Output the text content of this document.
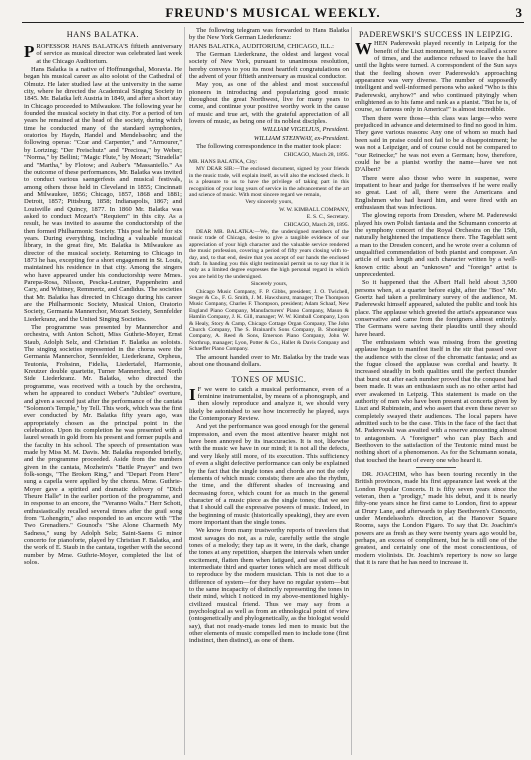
FREUND'S MUSICAL WEEKLY.	3
HANS BALATKA.

PROFESSOR HANS BALATKA'S fiftieth anniversary of service as musical director was celebrated last week at the Chicago Auditorium.

Hans Balatka is a native of Hoffnungsthal, Moravia. He began his musical career as alto soloist of the Cathedral of Olmutz. He later studied law at the university in the same city, where he directed the Academical Singing Society in 1845. Mr. Balatka left Austria in 1849, and after a short stay in Chicago proceeded to Milwaukee. The following year he founded the musical society in that city. For a period of ten years he remained at the head of the society, during which time he conducted many of the standard symphonies, oratorios by Haydn, Handel and Mendelssohn; and the following operas: "Czar and Carpenter," and "Armourer," by Lortzing; "Der Freischutz" and "Preciosa," by Weber; "Norma," by Bellini; "Magic Flute," by Mozart; "Stradella" and "Martha," by Flotow; and Auber's "Massaniello." As the outcome of these performances, Mr. Balatka was invited to conduct various saengerfests and musical festivals, among others those held in Cleveland in 1855; Cincinnati and Milwaukee, 1856; Chicago, 1857, 1868 and 1881; Detroit, 1857; Pittsburg, 1858; Indianapolis, 1867; and Louisville and Quincy, 1877. In 1860 Mr. Balatka was asked to conduct Mozart's "Requiem" in this city. As a result, he was invited to assume the conductorship of the then formed Philharmonic Society. This post he held for six years. During everything, including a valuable musical library, in the great fire, Mr. Balatka is Milwaukee as director of the musical society. Returning to Chicago in 1873 he has, excepting for a short engagement in St. Louis, maintained his residence in that city. Among the singers who have appeared under his conductorship were Mmes. Parepa-Rosa, Nilsson, Pescka-Leutner, Pappenheim and Cary, and Whitney, Remmertz, and Candidus. The societies that Mr. Balatka has directed in Chicago during his career are the Philharmonic Society, Musical Union, Oratorio Society, Germania Mannerchor, Mozart Society, Sennfelder Liederkranz, and the United Singing Societies.

The programme was presented by Mannerchor and orchestra, with Anton Schott, Miss Guthrie-Moyer, Ernst Staub, Adolph Selz, and Christian F. Balatka as soloists. The singing societies represented in the chorus were the Germania Mannerchor, Sennfelder, Liederkranz, Orpheus, Teutonia, Frohsinn, Fidelia, Liedertafel, Harmonie, Kreutzer double quartette, Turner Mannerchor, and North Side Liederkranz. Mr. Balatka, who directed the programme, was received with a touch by the orchestra, when he appeared to conduct Weber's "Jubilee" overture, and given a second just after the performance of the cantata "Solomon's Temple," by Tell. This work, which was the first ever conducted by Mr. Balatka fifty years ago, was appropriately chosen as the principal point in the celebration. Upon its completion he was presented with a laurel wreath in gold from his present and former pupils and the faculty in his school. The speech of presentation was made by Miss M. M. Davis. Mr. Balatka responded briefly, and the programme proceeded. Aside from the numbers given in the cantata, Mozheim's "Battle Prayer" and two folk-songs, "The Broken Ring," and "Depart From Here" sung a capella were applied by the chorus. Mme. Guthrie-Moyer gave a spirited and dramatic delivery of "Dich Theure Halle" in the earlier portion of the programme, and in response to an encore, the "Veranno Walts." Herr Schott, enthusiastically recalled several times after the grail song from "Lohengrin," also responded to an encore with "The Two Grenadiers." Gounod's "She Alone Charmeth My Sadness," sung by Adolph Selz; Saint-Saens G minor concerto for pianoforte, played by Christian F. Balatka, and the work of E. Staub in the cantata, together with the second number by Mme. Guthrie-Moyer, completed the list of solos.

The following telegram was forwarded to Hans Balatka by the New York German Liederkranz:

HANS BALATKA, AUDITORIUM, CHICAGO, ILL.:

The German Liederkranz, the oldest and largest vocal society of New York, pursuant to unanimous resolution, hereby conveys to you its most heartfelt congratulations on the advent of your fiftieth anniversary as musical conductor.

May you, as one of the ablest and most successful pioneers in introducing and popularizing good music throughout the great Northwest, live for many years to come, and continue your positive worthy work in the cause of music and true art, with the grateful appreciation of all lovers of music, as being one of its noblest disciples.

WILLIAM VIGELIUS, President.

WILLIAM STEINWAY, ex-President.

The following correspondence in the matter took place:

CHICAGO, March 28, 1895.

MR. HANS BALATKA, City:

MY DEAR SIR:—The enclosed document, signed by your friends in the music trade, will explain itself, as will also the enclosed check. It is a pleasure to us to have the privilege of taking part in this recognition of your long years of service in the advancement of the art and science of music. With most sincere regard we remain,

Very sincerely yours,

W. W. KIMBALL COMPANY,

E. S. C., Secretary.

CHICAGO, March 28, 1895.

DEAR MR. BALATKA:—We, the undersigned members of the music trade of Chicago, desire to give a tangible evidence of our appreciation of your high character and the valuable service rendered the music profession, covering a period of fifty years closing with to-day, and, to that end, desire that you accept of our hands the enclosed draft. In handing you this slight testimonial permit us to say that it is only as a limited degree expresses the high personal regard in which you are held by the undersigned.

Sincerely yours,

Chicago Music Company, F. P. Gibbs, president; J. O. Twichell, Steger & Co., F. G. Smith, J. M. Hawxhurst, manager; The Thompson Music Company, Charles F. Thompson, president; Adam Schaaf, New England Piano Company, Manufacturers' Piano Company, Mason & Hamlin Company, J. K. Gill, manager; W. W. Kimball Company, Lyon & Healy, Story & Camp, Chicago Cottage Organ Company, The John Church Company, The S. Brainard's Sons Company, B. Shoninger Company, A. Reed & Sons, Emerson Piano Company, John W. Northrup, manager; Lyon, Potter & Co., Hallet & Davis Company and Schaeffer Piano Company.

The amount handed over to Mr. Balatka by the trade was about one thousand dollars.

TONES OF MUSIC.

I F we were to catch a musical performance, even of a feminine instrumentalist, by means of a phonograph, and then slowly reproduce and analyze it, we should very likely be astonished to see how incorrectly he played, says the Contemporary Review.

And yet the performance was good enough for the general impression, and even the most attentive hearer might not have been annoyed by its inaccuracies. It is not, likewise with the music we have in our mind; it is not all the defects, and very likely still more, of its execution. This sufficiency of even a slight defective performance can only be explained by the fact that the single tones and chords are not the only elements of which music consists; there are also the rhythm, the time, and the different shades of increasing and decreasing force, which count for as much in the general character of a music piece as the single tones; that we see that I should call the expressive powers of music. Indeed, in the beginning of music (historically speaking), they are even more important than the single tones.

We know from many trustworthy reports of travelers that most savages do not, as a rule, carefully settle the single tones of a melody; they tap as it were, in the dark, change the tones at any repetition, sharpen the intervals when under excitement, flatten them when fatigued, and use all sorts of intermediate third and quarter tones which are most difficult to reproduce by the modern musician. This is not due to a difference of system—for they have no regular system—but to the same incapacity of distinctly representing the tones in their mind, which I noticed in my above-mentioned highly-civilized musical friend. Thus we may say from a psychological as well as from an ethnological point of view (ontogenetically and phylogenetically, as the biologist would say), that not ready-made tones led men to music but the other elements of music compelled men to include tone (first indistinct, then distinct), as one of them.

PADEREWSKI'S SUCCESS IN LEIPZIG.

WHEN Paderewski played recently in Leipzig for the benefit of the Liszt monument, he was recalled a score of times, and the audience refused to leave the hall until the lights were turned. A correspondent of the Sun says that the feeling shown over Paderewski's approaching appearance was very diverse. The number of supposedly intelligent and well-informed persons who asked "Who is this Paderewski, anyhow?" and who continued pityingly when enlightened as to his fame and rank as a pianist. "But he is, of course, so famous only in America!" is almost incredible.

Then there were those—this class was large—who were prejudiced in advance and determined to find no good in him. They gave various reasons: Any one of whom so much had been said in praise could not fail to be a disappointment; he was not a Leipziger, and of course could not be compared to "our Reinecke;" he was not even a German; how, therefore, could he be a pianist worthy the name—have we not D'Albert?

There were also those who were in suspense, were impatient to hear and judge for themselves if he were really so great. Last of all, there were the Americans and Englishmen who had heard him, and were fired with an enthusiasm that was infectious.

The glowing reports from Dresden, where M. Paderewski played his own Polish fantasia and the Schumann concerto at the symphony concert of the Royal Orchestra on the 15th, naturally heightened the impatience there. The Tageblatt sent a man to the Dresden concert, and he wrote over a column of unqualified commendation of both pianist and composer. An article of such length and such character written by a well-known critic about an "unknown" and "foreign" artist is unprecedented.

So it happened that the Albert Hall held about 3,500 persons when, at a quarter before eight, after the "Box" Mr. Goertz had taken a preliminary survey of the audience, M. Paderewski himself appeared, saluted the public and took his place. The applause which greeted the artist's appearance was conservative and came from the foreigners almost entirely. The Germans were saving their plaudits until they should have heard.

The enthusiasm which was missing from the greeting applause began to manifest itself in the stir that passed over the audience with the close of the chromatic fantasia; and as the fugue closed the applause was cordial and hearty. It increased steadily in both qualities until the perfect thunder that burst out after each number proved that the conquest had been made. It was an enthusiasm such as no other artist had ever awakened in Leipzig. This statement is made on the authority of men who have been present at concerts given by Liszt and Rubinstein, and who assert that even these never so completely swayed their audiences. The local papers have admitted such to be the case. This in the face of the fact that M. Paderewski was awaited with a reserve amounting almost to antagonism. A "foreigner" who can play Bach and Beethoven to the satisfaction of the Teutonic mind must be nothing short of a phenomenon. As for the Schumann sonata, that touched the heart of every one who heard it.

DR. JOACHIM, who has been touring recently in the British provinces, made his first appearance last week at the London Popular Concerts. It is fifty seven years since the veteran, then a "prodigy," made his debut, and it is nearly fifty-one years since he first came to London, first to appear at Drury Lane, and afterwards to play Beethoven's Concerto, under Mendelssohn's direction, at the Hanover Square Rooms, says the London Figaro. To say that Dr. Joachim's powers are as fresh as they were twenty years ago would be, perhaps, an excess of compliment, but he is still one of the greatest, and certainly one of the most conscientious, of modern violinists. Dr. Joachim's repertory is now so large that it is rare that he has need to increase it.
